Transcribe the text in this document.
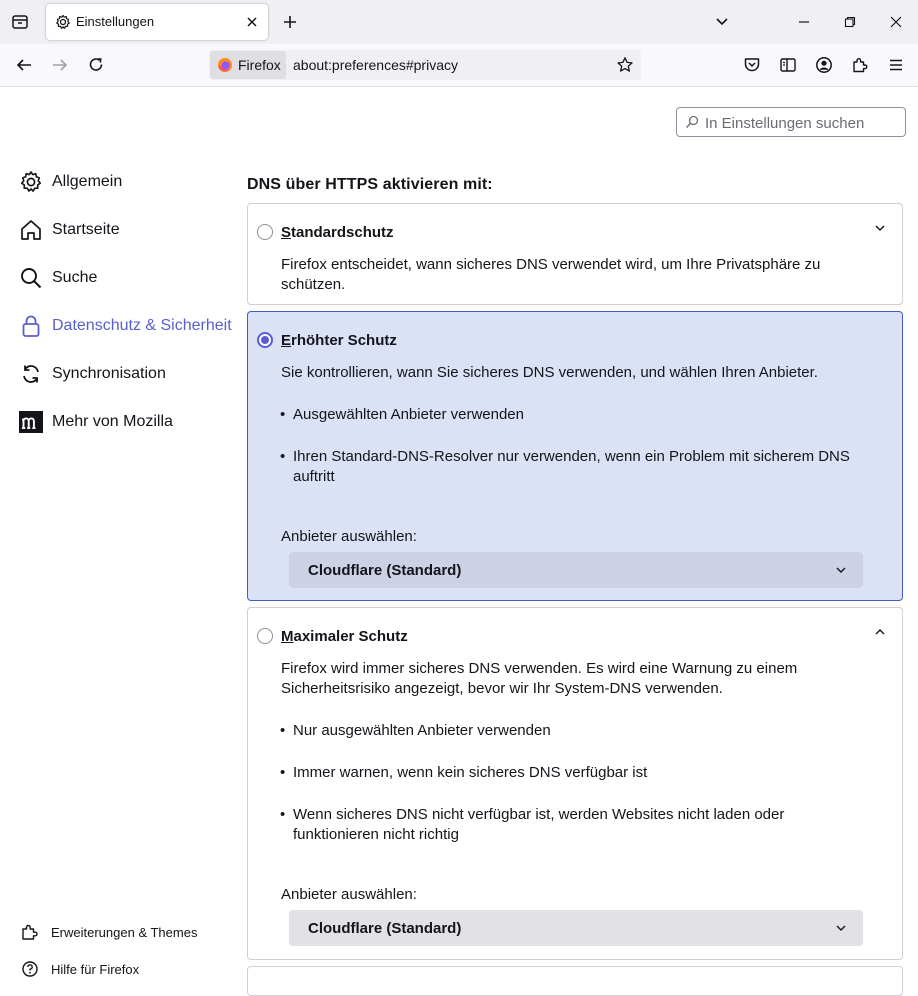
Einstellungen
Firefox about:preferences#privacy
In Einstellungen suchen
Allgemein
Startseite
Suche
Datenschutz & Sicherheit
Synchronisation
Mehr von Mozilla
Erweiterungen & Themes
Hilfe für Firefox
DNS über HTTPS aktivieren mit:
Standardschutz
Firefox entscheidet, wann sicheres DNS verwendet wird, um Ihre Privatsphäre zu schützen.
Erhöhter Schutz
Sie kontrollieren, wann Sie sicheres DNS verwenden, und wählen Ihren Anbieter.
• Ausgewählten Anbieter verwenden
• Ihren Standard-DNS-Resolver nur verwenden, wenn ein Problem mit sicherem DNS auftritt
Anbieter auswählen:
Cloudflare (Standard)
Maximaler Schutz
Firefox wird immer sicheres DNS verwenden. Es wird eine Warnung zu einem Sicherheitsrisiko angezeigt, bevor wir Ihr System-DNS verwenden.
• Nur ausgewählten Anbieter verwenden
• Immer warnen, wenn kein sicheres DNS verfügbar ist
• Wenn sicheres DNS nicht verfügbar ist, werden Websites nicht laden oder funktionieren nicht richtig
Anbieter auswählen:
Cloudflare (Standard)
